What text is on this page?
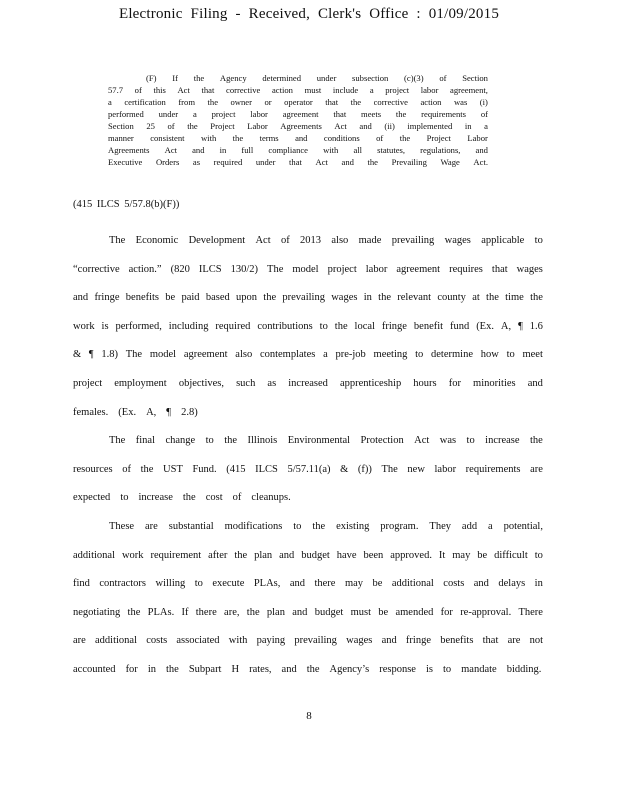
Electronic Filing - Received, Clerk's Office : 01/09/2015
(F) If the Agency determined under subsection (c)(3) of Section
57.7 of this Act that corrective action must include a project labor agreement,
a certification from the owner or operator that the corrective action was (i)
performed under a project labor agreement that meets the requirements of
Section 25 of the Project Labor Agreements Act and (ii) implemented in a
manner consistent with the terms and conditions of the Project Labor
Agreements Act and in full compliance with all statutes, regulations, and
Executive Orders as required under that Act and the Prevailing Wage Act.
(415 ILCS 5/57.8(b)(F))
The Economic Development Act of 2013 also made prevailing wages applicable to
“corrective action.” (820 ILCS 130/2) The model project labor agreement requires that wages
and fringe benefits be paid based upon the prevailing wages in the relevant county at the time the
work is performed, including required contributions to the local fringe benefit fund (Ex. A, ¶ 1.6
& ¶ 1.8) The model agreement also contemplates a pre-job meeting to determine how to meet
project employment objectives, such as increased apprenticeship hours for minorities and
females. (Ex. A, ¶ 2.8)
The final change to the Illinois Environmental Protection Act was to increase the
resources of the UST Fund. (415 ILCS 5/57.11(a) & (f)) The new labor requirements are
expected to increase the cost of cleanups.
These are substantial modifications to the existing program. They add a potential,
additional work requirement after the plan and budget have been approved. It may be difficult to
find contractors willing to execute PLAs, and there may be additional costs and delays in
negotiating the PLAs. If there are, the plan and budget must be amended for re-approval. There
are additional costs associated with paying prevailing wages and fringe benefits that are not
accounted for in the Subpart H rates, and the Agency’s response is to mandate bidding.
8
